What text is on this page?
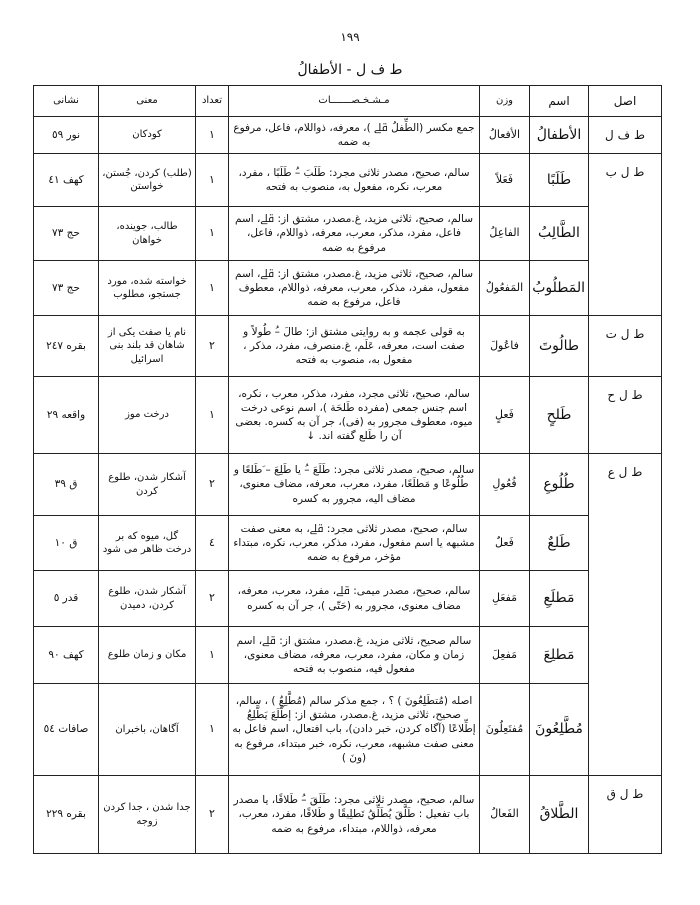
١٩٩
ط ف ل - الأطفالُ
اصل	اسم	وزن	مـشـخـصـــــــات	تعداد	معنی	نشانی
ط ف ل	الأطفالُ	الأفعالُ	جمع مكسر (الطِّفلُ ﷱ )، معرفه، ذواللام، فاعل، مرفوع به ضمه	١	كودكان	نور ٥٩
ط ل ب	طَلَبًا	فَعَلاً	سالم، صحيح، مصدر ثلاثى مجرد: طَلَبَ –ُ طَلَبًا ، مفرد، معرب، نكره، مفعول به، منصوب به فتحه	١	(طلب) كردن، جُستن، خواستن	كهف ٤١
	الطَّالِبُ	الفاعِلُ	سالم، صحيح، ثلاثى مزيد، غ.مصدر، مشتق از: ﷱ، اسم فاعل، مفرد، مذكر، معرب، معرفه، ذواللام، فاعل، مرفوع به ضمه	١	طالب، جوينده، خواهان	حج ٧٣
	المَطلُوبُ	المَفعُولُ	سالم، صحيح، ثلاثى مزيد، غ.مصدر، مشتق از: ﷱ، اسم مفعول، مفرد، مذكر، معرب، معرفه، ذواللام، معطوف فاعل، مرفوع به ضمه	١	خواسته شده، مورد جستجو، مطلوب	حج ٧٣
ط ل ت	طالُوتَ	فاعُولَ	به قولى عجمه و به روايتى مشتق از: طالَ –ُ طُولاً و صفت است، معرفه، عَلَم، غ.منصرف، مفرد، مذكر ، مفعول به، منصوب به فتحه	٢	نام يا صفت يكى از شاهان قد بلند بنى اسرائيل	بقره ٢٤٧
ط ل ح	طَلحٍ	فَعلٍ	سالم، صحيح، ثلاثى مجرد، مفرد، مذكر، معرب ، نكره، اسم جنس جمعى (مفرده طَلحَة )، اسم نوعى درخت ميوه، معطوف مجرور به (فى)، جر آن به كسره. بعضى آن را طَلع گفته اند. ↓	١	درخت موز	واقعه ٢٩
ط ل ع	طُلُوعِ	فُعُولِ	سالم، صحيح، مصدر ثلاثى مجرد: طَلَعَ –ُ يا طَلِعَ – َطَلعًا و طُلُوعًا و مَطلَعًا، مفرد، معرب، معرفه، مضاف معنوى، مضاف اليه، مجرور به كسره	٢	آشكار شدن، طلوع كردن	ق ٣٩
	طَلعٌ	فَعلٌ	سالم، صحيح، مصدر ثلاثى مجرد: ﷱ، به معنى صفت مشبهه يا اسم مفعول، مفرد، مذكر، معرب، نكره، مبتداء مؤخر، مرفوع به ضمه	٤	گل، ميوه كه بر درخت ظاهر مى شود	ق ١٠
	مَطلَعِ	مَفعَلِ	سالم، صحيح، مصدر ميمى: ﷱ، مفرد، معرب، معرفه، مضاف معنوى، مجرور به (حَتّى )، جر آن به كسره	٢	آشكار شدن، طلوع كردن، دميدن	قدر ٥
	مَطلِعَ	مَفعِلَ	سالم صحيح، ثلاثى مزيد، غ.مصدر، مشتق از: ﷱ، اسم زمان و مكان، مفرد، معرب، معرفه، مضاف معنوى، مفعول فيه، منصوب به فتحه	١	مكان و زمان طلوع	كهف ٩٠
	مُطَّلِعُونَ	مُفتَعِلُونَ	اصله (مُتطَلِعُونَ ) ؟ ، جمع مذكر سالم (مُطَّلِعٌ ) ، سالم، صحيح، ثلاثى مزيد، غ.مصدر، مشتق از: إطَّلَعَ يَطَّلِعُ إطِّلاعًا (آگاه كردن، خبر دادن)، باب افتعال، اسم فاعل به معنى صفت مشبهه، معرب، نكره، خبر مبتداء، مرفوع به (ونَ )	١	آگاهان، باخبران	صافات ٥٤
ط ل ق	الطَّلاقُ	الفَعالُ	سالم، صحيح، مصدر ثلاثى مجرد: طَلَقَ –ُ طَلاقًا، يا مصدر باب تفعيل : طَلَّقَ يُطَلِّقُ تَطلِيقًا و طَلاقًا، مفرد، معرب، معرفه، ذواللام، مبتداء، مرفوع به ضمه	٢	جدا شدن ، جدا كردن زوجه	بقره ٢٢٩
